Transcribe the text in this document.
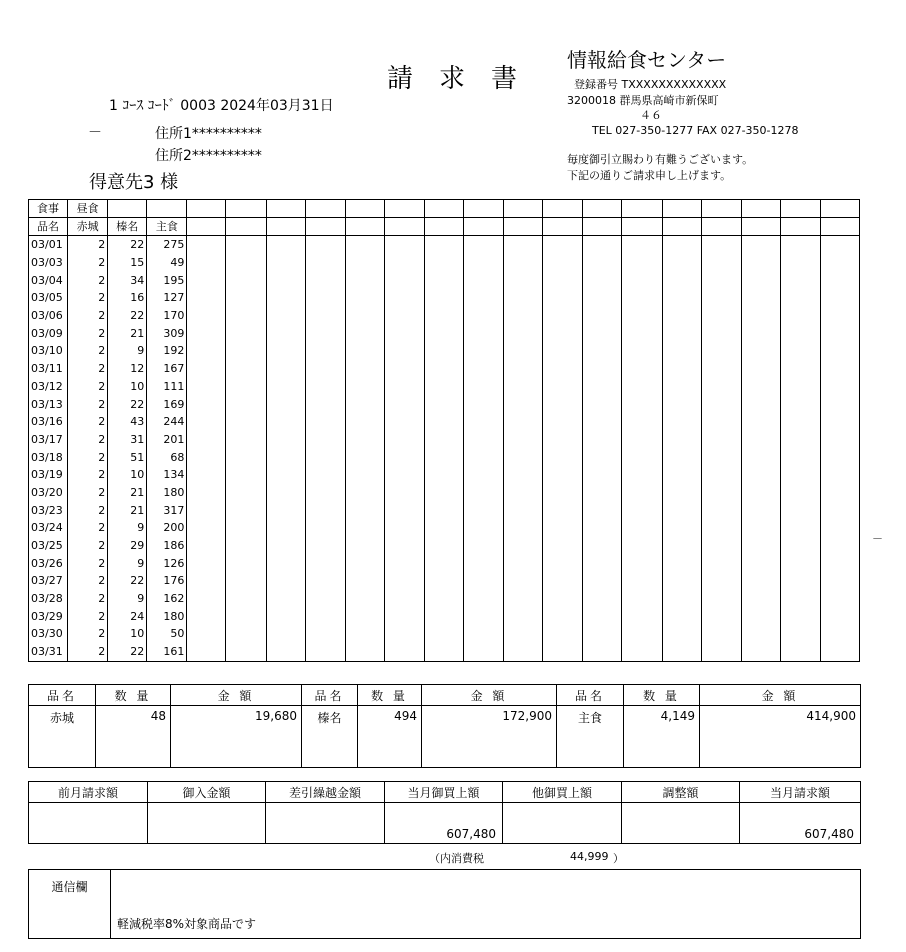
請求書
1 ｺｰｽ ｺｰﾄﾞ 0003 2024年03月31日
－	住所1**********
住所2**********
得意先3 様
情報給食センター
登録番号 TXXXXXXXXXXXXX
3200018 群馬県高崎市新保町
４６
TEL 027-350-1277 FAX 027-350-1278
毎度御引立賜わり有難うございます。
下記の通りご請求申し上げます。
－
食事	昼食																			
品名	赤城	榛名	主食																	
03/01	2	22	275																	
03/03	2	15	49																	
03/04	2	34	195																	
03/05	2	16	127																	
03/06	2	22	170																	
03/09	2	21	309																	
03/10	2	9	192																	
03/11	2	12	167																	
03/12	2	10	111																	
03/13	2	22	169																	
03/16	2	43	244																	
03/17	2	31	201																	
03/18	2	51	68																	
03/19	2	10	134																	
03/20	2	21	180																	
03/23	2	21	317																	
03/24	2	9	200																	
03/25	2	29	186																	
03/26	2	9	126																	
03/27	2	22	176																	
03/28	2	9	162																	
03/29	2	24	180																	
03/30	2	10	50																	
03/31	2	22	161																	
品名	数 量	金 額	品名	数 量	金 額	品名	数 量	金 額
赤城	48	19,680	榛名	494	172,900	主食	4,149	414,900
前月請求額	御入金額	差引繰越金額	当月御買上額	他御買上額	調整額	当月請求額
			607,480			607,480
（内消費税	44,999 ）
通信欄	軽減税率8%対象商品です
